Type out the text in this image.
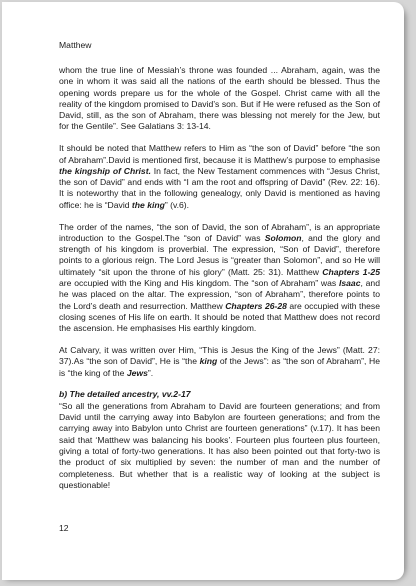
Matthew

whom the true line of Messiah’s throne was founded ... Abraham, again, was the one in whom it was said all the nations of the earth should be blessed. Thus the opening words prepare us for the whole of the Gospel. Christ came with all the reality of the kingdom promised to David’s son. But if He were refused as the Son of David, still, as the son of Abraham, there was blessing not merely for the Jew, but for the Gentile”. See Galatians 3: 13-14.

It should be noted that Matthew refers to Him as “the son of David” before “the son of Abraham”.David is mentioned first, because it is Matthew’s purpose to emphasise the kingship of Christ. In fact, the New Testament commences with “Jesus Christ, the son of David” and ends with “I am the root and offspring of David” (Rev. 22: 16). It is noteworthy that in the following genealogy, only David is mentioned as having office: he is “David the king” (v.6).

The order of the names, “the son of David, the son of Abraham”, is an appropriate introduction to the Gospel.The “son of David” was Solomon, and the glory and strength of his kingdom is proverbial. The expression, “Son of David”, therefore points to a glorious reign. The Lord Jesus is “greater than Solomon”, and so He will ultimately “sit upon the throne of his glory” (Matt. 25: 31). Matthew Chapters 1-25 are occupied with the King and His kingdom. The “son of Abraham” was Isaac, and he was placed on the altar. The expression, “son of Abraham”, therefore points to the Lord’s death and resurrection. Matthew Chapters 26-28 are occupied with these closing scenes of His life on earth. It should be noted that Matthew does not record the ascension. He emphasises His earthly kingdom.

At Calvary, it was written over Him, “This is Jesus the King of the Jews” (Matt. 27: 37).As “the son of David”, He is “the king of the Jews”: as “the son of Abraham”, He is “the king of the Jews”.

b) The detailed ancestry, vv.2-17

“So all the generations from Abraham to David are fourteen generations; and from David until the carrying away into Babylon are fourteen generations; and from the carrying away into Babylon unto Christ are fourteen generations” (v.17). It has been said that ‘Matthew was balancing his books’. Fourteen plus fourteen plus fourteen, giving a total of forty-two generations. It has also been pointed out that forty-two is the product of six multiplied by seven: the number of man and the number of completeness. But whether that is a realistic way of looking at the subject is questionable!

12
